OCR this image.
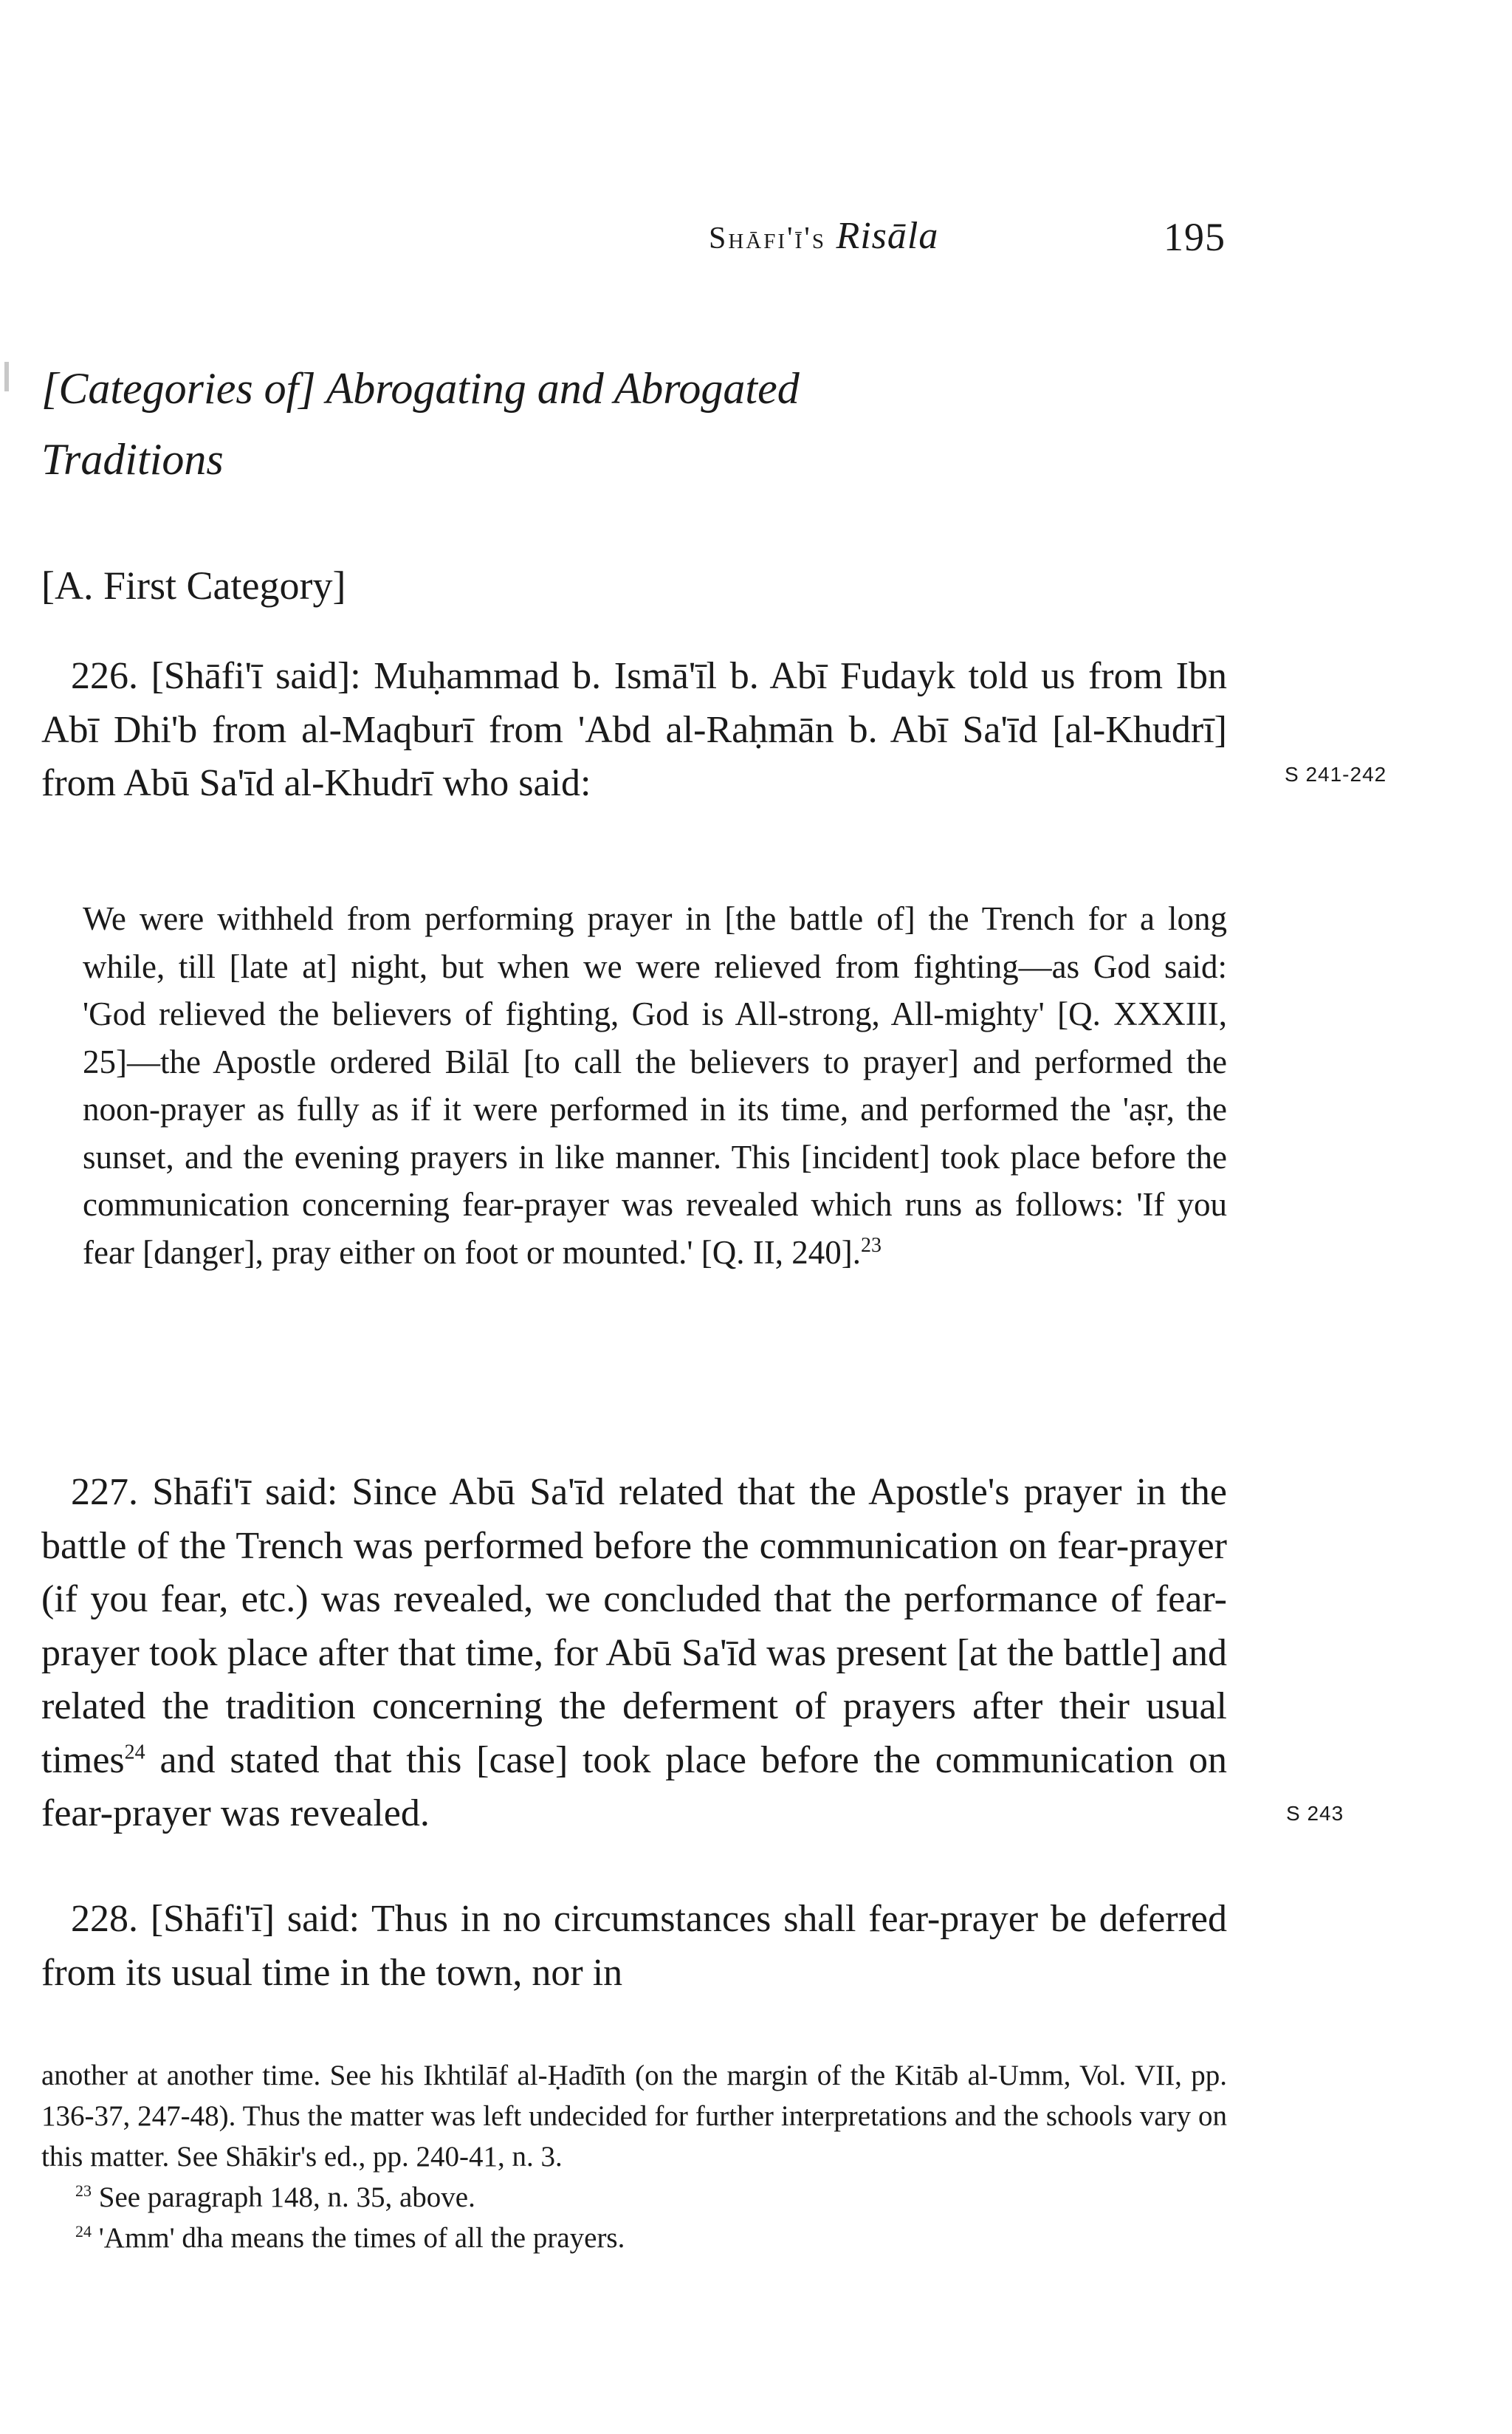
Shāfi'ī's Risāla	195
[Categories of] Abrogating and Abrogated
Traditions
[A. First Category]

226. [Shāfi'ī said]: Muḥammad b. Ismā'īl b. Abī Fudayk told us from Ibn Abī Dhi'b from al-Maqburī from 'Abd al-Raḥmān b. Abī Sa'īd [al-Khudrī] from Abū Sa'īd al-Khudrī who said:

We were withheld from performing prayer in [the battle of] the Trench for a long while, till [late at] night, but when we were relieved from fighting—as God said: 'God relieved the believers of fighting, God is All-strong, All-mighty' [Q. XXXIII, 25]—the Apostle ordered Bilāl [to call the believers to prayer] and performed the noon-prayer as fully as if it were performed in its time, and performed the 'aṣr, the sunset, and the evening prayers in like manner. This [incident] took place before the communication concerning fear-prayer was revealed which runs as follows: 'If you fear [danger], pray either on foot or mounted.' [Q. II, 240].$^{23}$

227. Shāfi'ī said: Since Abū Sa'īd related that the Apostle's prayer in the battle of the Trench was performed before the communication on fear-prayer (if you fear, etc.) was revealed, we concluded that the performance of fear-prayer took place after that time, for Abū Sa'īd was present [at the battle] and related the tradition concerning the deferment of prayers after their usual times$^{24}$ and stated that this [case] took place before the communication on fear-prayer was revealed.

228. [Shāfi'ī] said: Thus in no circumstances shall fear-prayer be deferred from its usual time in the town, nor in

S 241-242
S 243

another at another time. See his Ikhtilāf al-Ḥadīth (on the margin of the Kitāb al-Umm, Vol. VII, pp. 136-37, 247-48). Thus the matter was left undecided for further interpretations and the schools vary on this matter. See Shākir's ed., pp. 240-41, n. 3.

$^{23}$ See paragraph 148, n. 35, above.

$^{24}$ 'Amm' dha means the times of all the prayers.
